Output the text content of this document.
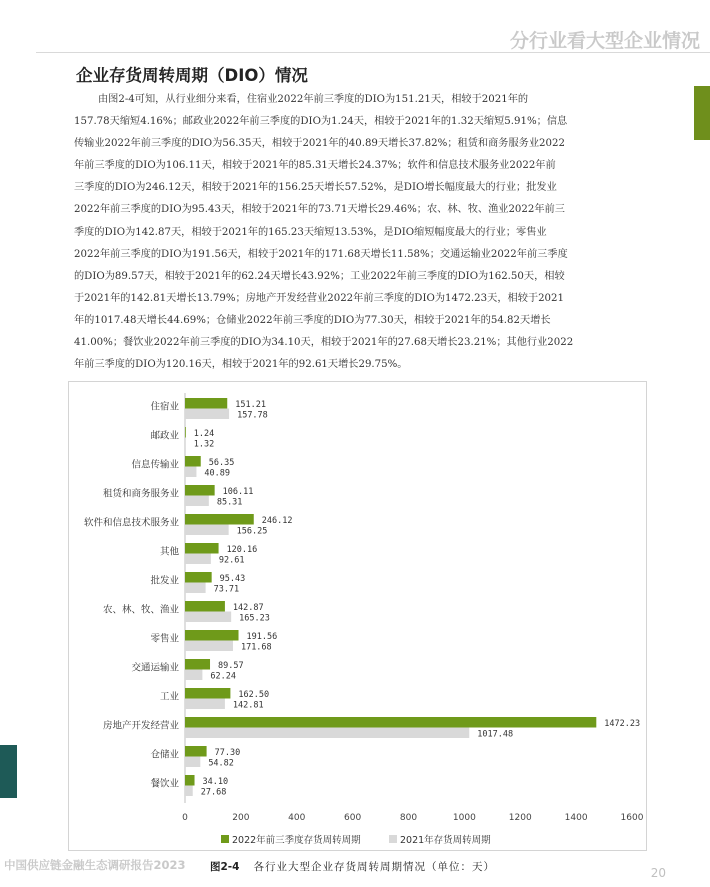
分行业看大型企业情况
企业存货周转周期（DIO）情况

由图2-4可知，从行业细分来看，住宿业2022年前三季度的DIO为151.21天，相较于2021年的
157.78天缩短4.16%；邮政业2022年前三季度的DIO为1.24天，相较于2021年的1.32天缩短5.91%；信息
传输业2022年前三季度的DIO为56.35天，相较于2021年的40.89天增长37.82%；租赁和商务服务业2022
年前三季度的DIO为106.11天，相较于2021年的85.31天增长24.37%；软件和信息技术服务业2022年前
三季度的DIO为246.12天，相较于2021年的156.25天增长57.52%，是DIO增长幅度最大的行业；批发业
2022年前三季度的DIO为95.43天，相较于2021年的73.71天增长29.46%；农、林、牧、渔业2022年前三
季度的DIO为142.87天，相较于2021年的165.23天缩短13.53%，是DIO缩短幅度最大的行业；零售业
2022年前三季度的DIO为191.56天，相较于2021年的171.68天增长11.58%；交通运输业2022年前三季度
的DIO为89.57天，相较于2021年的62.24天增长43.92%；工业2022年前三季度的DIO为162.50天，相较
于2021年的142.81天增长13.79%；房地产开发经营业2022年前三季度的DIO为1472.23天，相较于2021
年的1017.48天增长44.69%；仓储业2022年前三季度的DIO为77.30天，相较于2021年的54.82天增长
41.00%；餐饮业2022年前三季度的DIO为34.10天，相较于2021年的27.68天增长23.21%；其他行业2022
年前三季度的DIO为120.16天，相较于2021年的92.61天增长29.75%。

住宿业	151.21
157.78
邮政业 1.24
1.32
信息传输业	56.35
40.89
租赁和商务服务业	106.11
85.31
软件和信息技术服务业	246.12
156.25
其他	120.16
92.61
批发业	95.43
73.71
农、林、牧、渔业	142.87
165.23
零售业	191.56
171.68
交通运输业	89.57
62.24
工业	162.50
142.81
房地产开发经营业	1472.23
1017.48
仓储业	77.30
54.82
餐饮业	34.10
27.68
0	200	400	600	800	1000	1200	1400	1600
2022年前三季度存货周转周期	2021年存货周转周期
中国供应链金融生态调研报告2023 图2-4 各行业大型企业存货周转周期情况（单位：天）	20
